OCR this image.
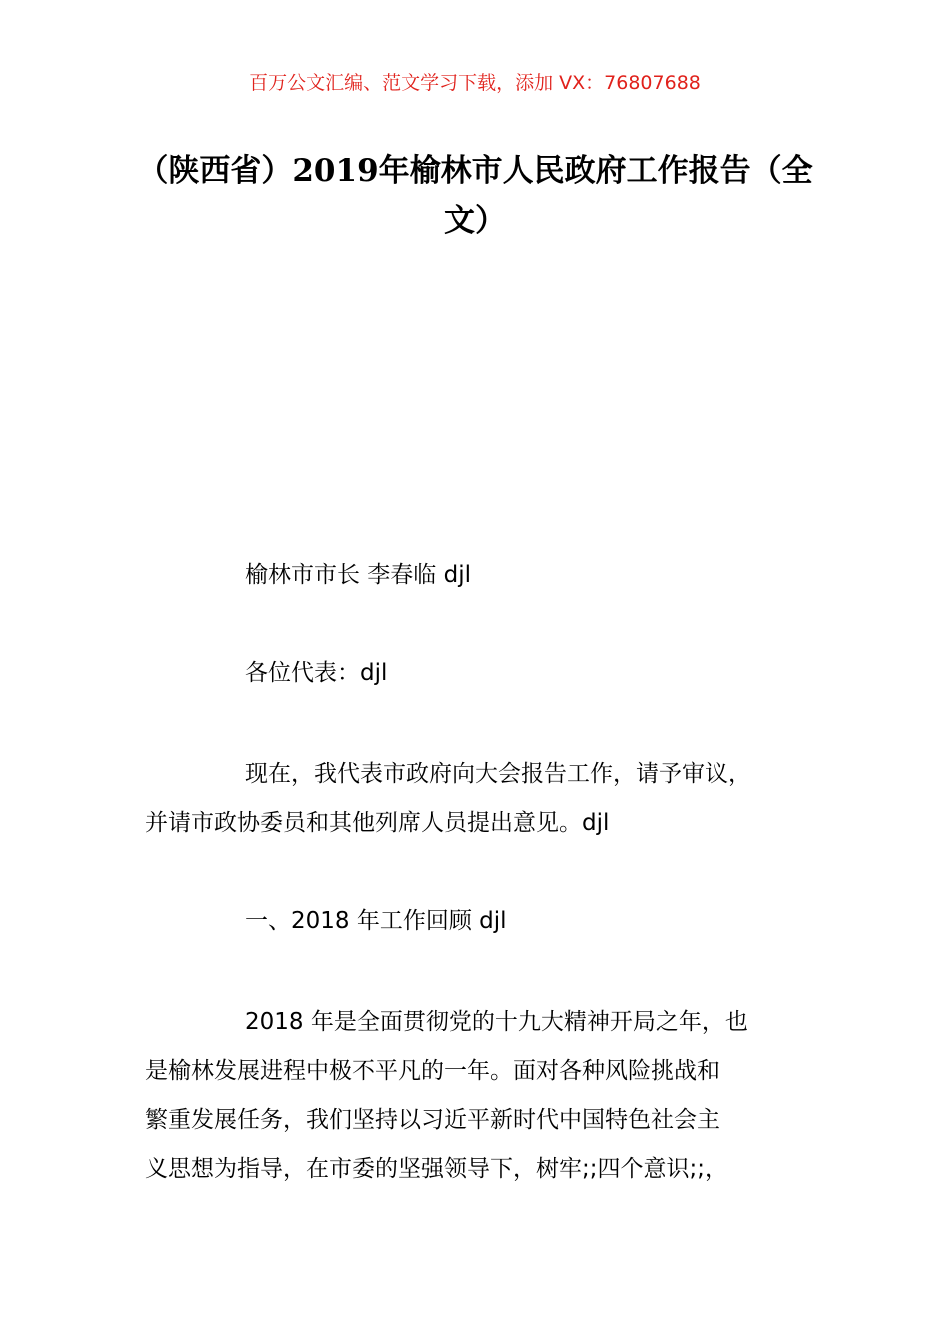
百万公文汇编、范文学习下载，添加 VX：76807688
（陕西省）2019年榆林市人民政府工作报告（全文）

榆林市市长 李春临 djl

各位代表：djl

现在，我代表市政府向大会报告工作，请予审议，
并请市政协委员和其他列席人员提出意见。djl

一、2018 年工作回顾 djl

2018 年是全面贯彻党的十九大精神开局之年，也
是榆林发展进程中极不平凡的一年。面对各种风险挑战和
繁重发展任务，我们坚持以习近平新时代中国特色社会主
义思想为指导，在市委的坚强领导下，树牢;;四个意识;;，
